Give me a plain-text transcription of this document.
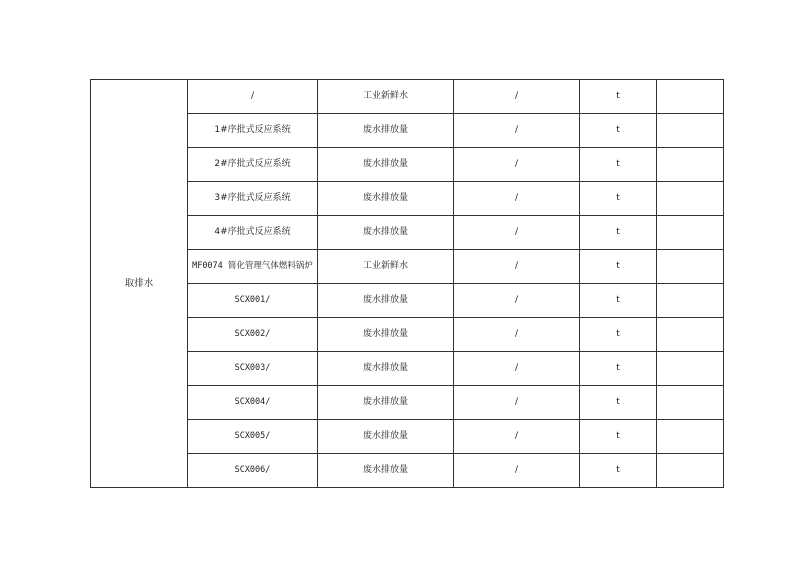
取排水	/	工业新鲜水	/	t	
	1#序批式反应系统	废水排放量	/	t	
	2#序批式反应系统	废水排放量	/	t	
	3#序批式反应系统	废水排放量	/	t	
	4#序批式反应系统	废水排放量	/	t	
	MF0074 简化管理气体燃料锅炉	工业新鲜水	/	t	
	SCX001/	废水排放量	/	t	
	SCX002/	废水排放量	/	t	
	SCX003/	废水排放量	/	t	
	SCX004/	废水排放量	/	t	
	SCX005/	废水排放量	/	t	
	SCX006/	废水排放量	/	t	
